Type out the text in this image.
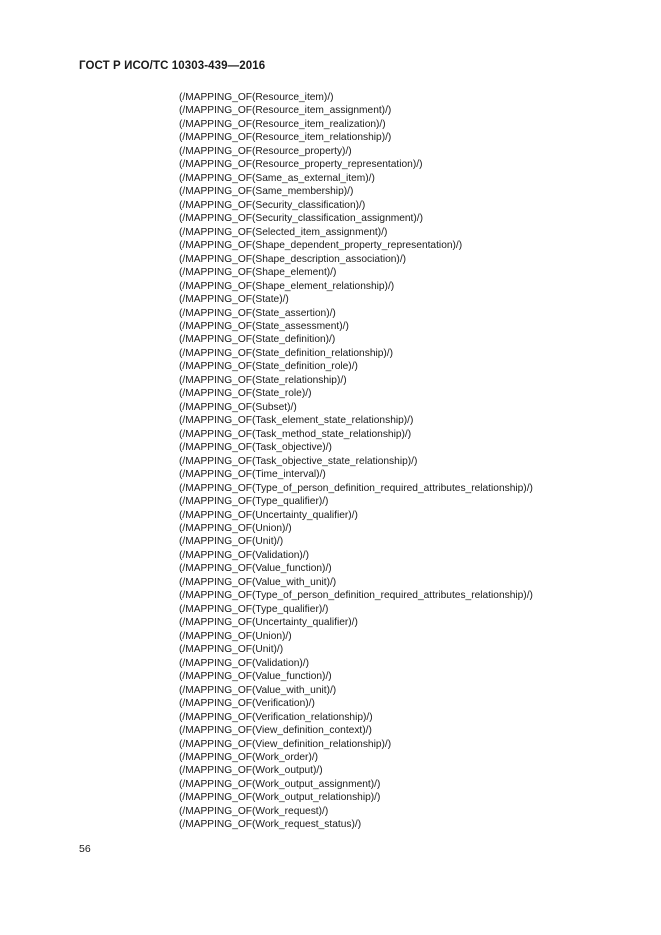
ГОСТ Р ИСО/ТС 10303-439—2016
(/MAPPING_OF(Resource_item)/)
(/MAPPING_OF(Resource_item_assignment)/)
(/MAPPING_OF(Resource_item_realization)/)
(/MAPPING_OF(Resource_item_relationship)/)
(/MAPPING_OF(Resource_property)/)
(/MAPPING_OF(Resource_property_representation)/)
(/MAPPING_OF(Same_as_external_item)/)
(/MAPPING_OF(Same_membership)/)
(/MAPPING_OF(Security_classification)/)
(/MAPPING_OF(Security_classification_assignment)/)
(/MAPPING_OF(Selected_item_assignment)/)
(/MAPPING_OF(Shape_dependent_property_representation)/)
(/MAPPING_OF(Shape_description_association)/)
(/MAPPING_OF(Shape_element)/)
(/MAPPING_OF(Shape_element_relationship)/)
(/MAPPING_OF(State)/)
(/MAPPING_OF(State_assertion)/)
(/MAPPING_OF(State_assessment)/)
(/MAPPING_OF(State_definition)/)
(/MAPPING_OF(State_definition_relationship)/)
(/MAPPING_OF(State_definition_role)/)
(/MAPPING_OF(State_relationship)/)
(/MAPPING_OF(State_role)/)
(/MAPPING_OF(Subset)/)
(/MAPPING_OF(Task_element_state_relationship)/)
(/MAPPING_OF(Task_method_state_relationship)/)
(/MAPPING_OF(Task_objective)/)
(/MAPPING_OF(Task_objective_state_relationship)/)
(/MAPPING_OF(Time_interval)/)
(/MAPPING_OF(Type_of_person_definition_required_attributes_relationship)/)
(/MAPPING_OF(Type_qualifier)/)
(/MAPPING_OF(Uncertainty_qualifier)/)
(/MAPPING_OF(Union)/)
(/MAPPING_OF(Unit)/)
(/MAPPING_OF(Validation)/)
(/MAPPING_OF(Value_function)/)
(/MAPPING_OF(Value_with_unit)/)
(/MAPPING_OF(Type_of_person_definition_required_attributes_relationship)/)
(/MAPPING_OF(Type_qualifier)/)
(/MAPPING_OF(Uncertainty_qualifier)/)
(/MAPPING_OF(Union)/)
(/MAPPING_OF(Unit)/)
(/MAPPING_OF(Validation)/)
(/MAPPING_OF(Value_function)/)
(/MAPPING_OF(Value_with_unit)/)
(/MAPPING_OF(Verification)/)
(/MAPPING_OF(Verification_relationship)/)
(/MAPPING_OF(View_definition_context)/)
(/MAPPING_OF(View_definition_relationship)/)
(/MAPPING_OF(Work_order)/)
(/MAPPING_OF(Work_output)/)
(/MAPPING_OF(Work_output_assignment)/)
(/MAPPING_OF(Work_output_relationship)/)
(/MAPPING_OF(Work_request)/)
(/MAPPING_OF(Work_request_status)/)
56
